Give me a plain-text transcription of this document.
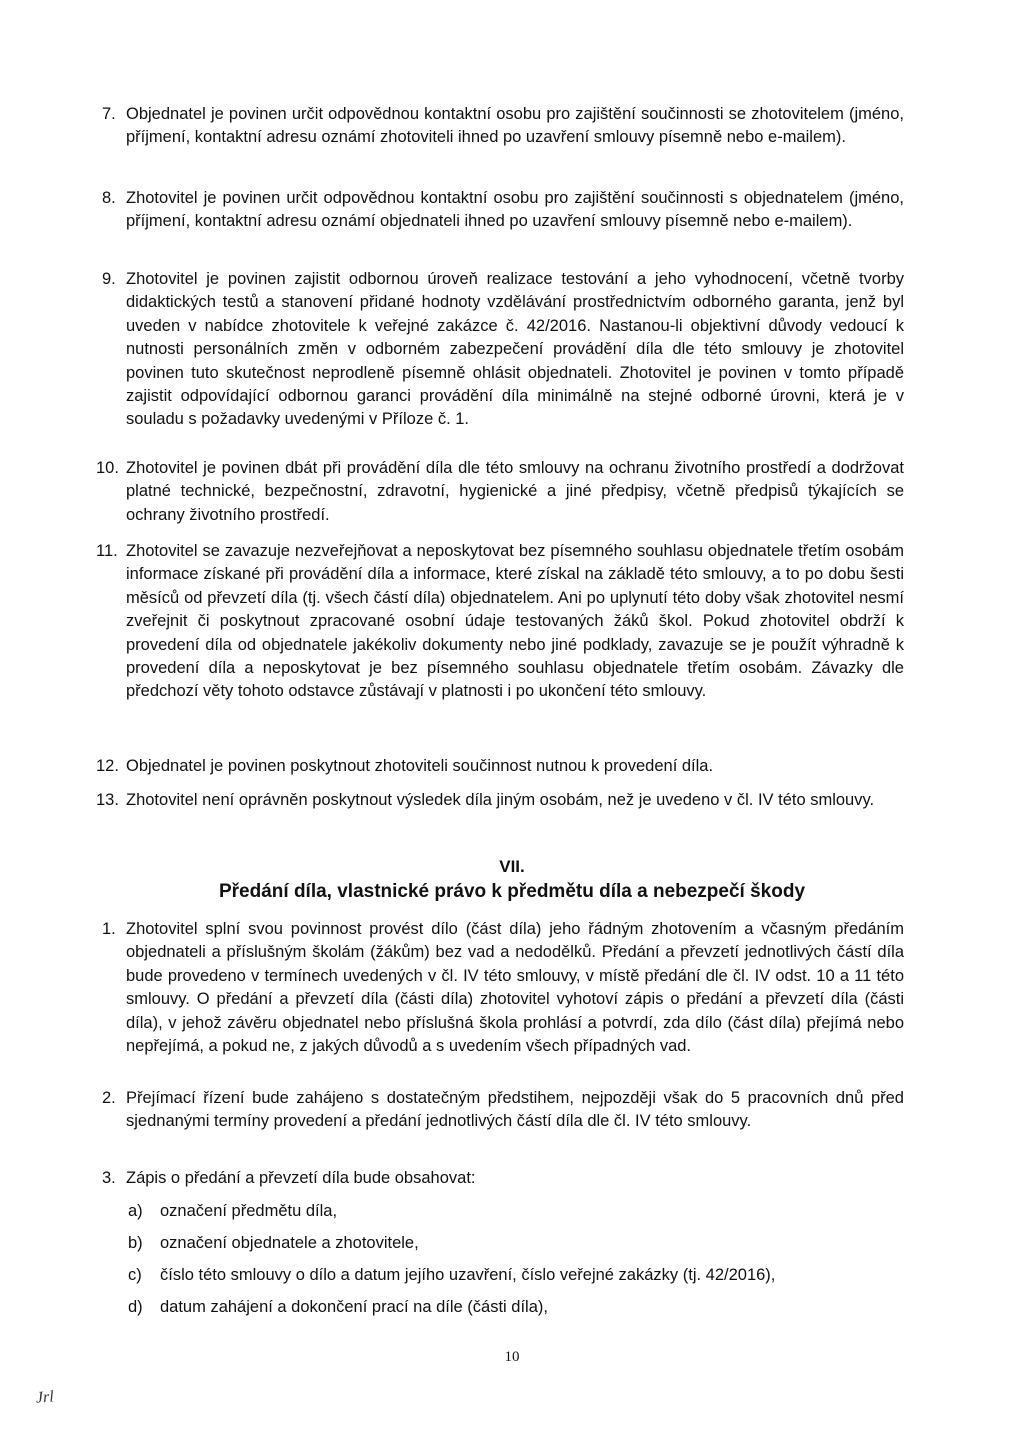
7. Objednatel je povinen určit odpovědnou kontaktní osobu pro zajištění součinnosti se zhotovitelem (jméno, příjmení, kontaktní adresu oznámí zhotoviteli ihned po uzavření smlouvy písemně nebo e-mailem).
8. Zhotovitel je povinen určit odpovědnou kontaktní osobu pro zajištění součinnosti s objednatelem (jméno, příjmení, kontaktní adresu oznámí objednateli ihned po uzavření smlouvy písemně nebo e-mailem).
9. Zhotovitel je povinen zajistit odbornou úroveň realizace testování a jeho vyhodnocení, včetně tvorby didaktických testů a stanovení přidané hodnoty vzdělávání prostřednictvím odborného garanta, jenž byl uveden v nabídce zhotovitele k veřejné zakázce č. 42/2016. Nastanou-li objektivní důvody vedoucí k nutnosti personálních změn v odborném zabezpečení provádění díla dle této smlouvy je zhotovitel povinen tuto skutečnost neprodleně písemně ohlásit objednateli. Zhotovitel je povinen v tomto případě zajistit odpovídající odbornou garanci provádění díla minimálně na stejné odborné úrovni, která je v souladu s požadavky uvedenými v Příloze č. 1.
10. Zhotovitel je povinen dbát při provádění díla dle této smlouvy na ochranu životního prostředí a dodržovat platné technické, bezpečnostní, zdravotní, hygienické a jiné předpisy, včetně předpisů týkajících se ochrany životního prostředí.
11. Zhotovitel se zavazuje nezveřejňovat a neposkytovat bez písemného souhlasu objednatele třetím osobám informace získané při provádění díla a informace, které získal na základě této smlouvy, a to po dobu šesti měsíců od převzetí díla (tj. všech částí díla) objednatelem. Ani po uplynutí této doby však zhotovitel nesmí zveřejnit či poskytnout zpracované osobní údaje testovaných žáků škol. Pokud zhotovitel obdrží k provedení díla od objednatele jakékoliv dokumenty nebo jiné podklady, zavazuje se je použít výhradně k provedení díla a neposkytovat je bez písemného souhlasu objednatele třetím osobám. Závazky dle předchozí věty tohoto odstavce zůstávají v platnosti i po ukončení této smlouvy.
12. Objednatel je povinen poskytnout zhotoviteli součinnost nutnou k provedení díla.
13. Zhotovitel není oprávněn poskytnout výsledek díla jiným osobám, než je uvedeno v čl. IV této smlouvy.
VII.
Předání díla, vlastnické právo k předmětu díla a nebezpečí škody
1. Zhotovitel splní svou povinnost provést dílo (část díla) jeho řádným zhotovením a včasným předáním objednateli a příslušným školám (žákům) bez vad a nedodělků. Předání a převzetí jednotlivých částí díla bude provedeno v termínech uvedených v čl. IV této smlouvy, v místě předání dle čl. IV odst. 10 a 11 této smlouvy. O předání a převzetí díla (části díla) zhotovitel vyhotoví zápis o předání a převzetí díla (části díla), v jehož závěru objednatel nebo příslušná škola prohlásí a potvrdí, zda dílo (část díla) přejímá nebo nepřejímá, a pokud ne, z jakých důvodů a s uvedením všech případných vad.
2. Přejímací řízení bude zahájeno s dostatečným předstihem, nejpozději však do 5 pracovních dnů před sjednanými termíny provedení a předání jednotlivých částí díla dle čl. IV této smlouvy.
3. Zápis o předání a převzetí díla bude obsahovat:
a) označení předmětu díla,
b) označení objednatele a zhotovitele,
c) číslo této smlouvy o dílo a datum jejího uzavření, číslo veřejné zakázky (tj. 42/2016),
d) datum zahájení a dokončení prací na díle (části díla),
10
Jrl
